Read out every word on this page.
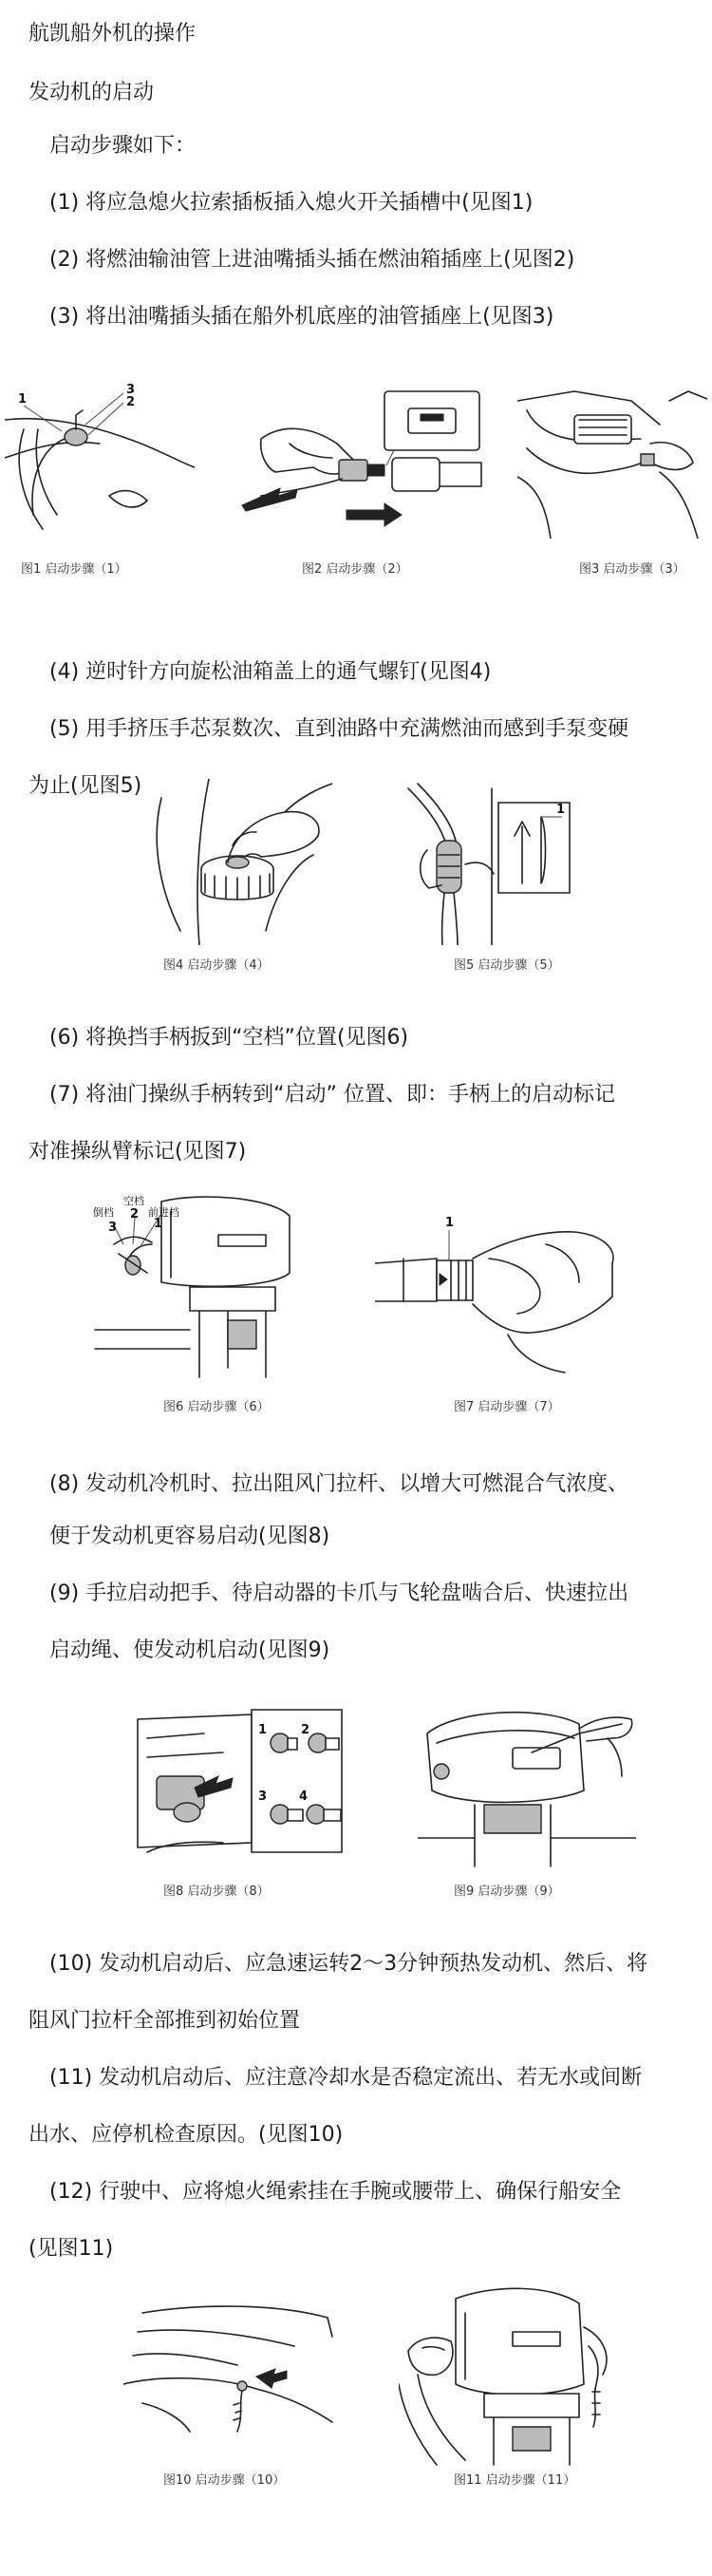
航凯船外机的操作
发动机的启动
启动步骤如下：
(1) 将应急熄火拉索插板插入熄火开关插槽中(见图1)
(2) 将燃油输油管上进油嘴插头插在燃油箱插座上(见图2)
(3) 将出油嘴插头插在船外机底座的油管插座上(见图3)
1
3
2
图1 启动步骤（1）	图2 启动步骤（2）	图3 启动步骤（3）
(4) 逆时针方向旋松油箱盖上的通气螺钉(见图4)
(5) 用手挤压手芯泵数次、直到油路中充满燃油而感到手泵变硬
为止(见图5)
图4 启动步骤（4）
1
图5 启动步骤（5）
(6) 将换挡手柄扳到“空档”位置(见图6)
(7) 将油门操纵手柄转到“启动” 位置、即：手柄上的启动标记
对准操纵臂标记(见图7)
倒档
空档
前进档
3
2
1
图6 启动步骤（6）
1
图7 启动步骤（7）
(8) 发动机冷机时、拉出阻风门拉杆、以增大可燃混合气浓度、
便于发动机更容易启动(见图8)
(9) 手拉启动把手、待启动器的卡爪与飞轮盘啮合后、快速拉出
启动绳、使发动机启动(见图9)
1	2
3	4
图8 启动步骤（8）	图9 启动步骤（9）
(10) 发动机启动后、应急速运转2～3分钟预热发动机、然后、将
阻风门拉杆全部推到初始位置
(11) 发动机启动后、应注意冷却水是否稳定流出、若无水或间断
出水、应停机检查原因。(见图10)
(12) 行驶中、应将熄火绳索挂在手腕或腰带上、确保行船安全
(见图11)
图10 启动步骤（10）	图11 启动步骤（11）
